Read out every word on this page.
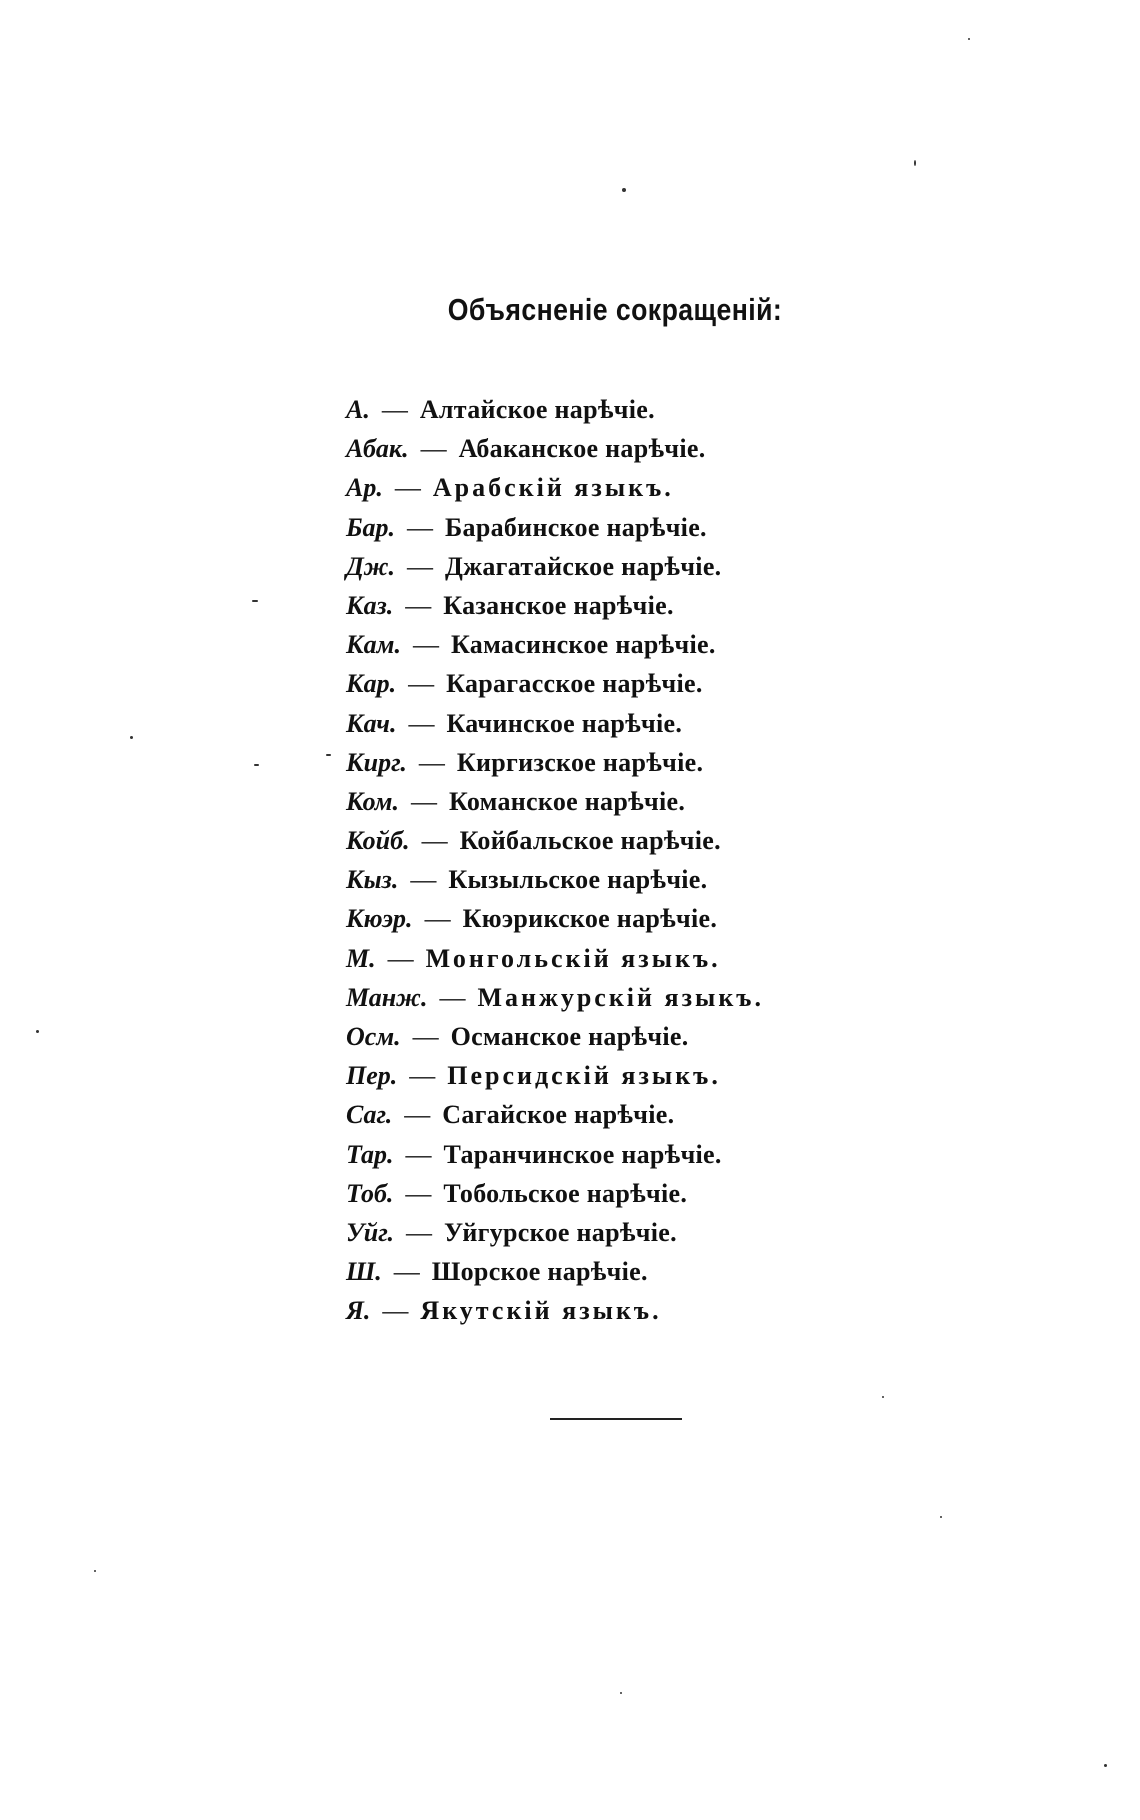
Объясненіе сокращеній:
А. — Алтайское нарѣчіе.
Абак. — Абаканское нарѣчіе.
Ар. — Арабскій языкъ.
Бар. — Барабинское нарѣчіе.
Дж. — Джагатайское нарѣчіе.
Каз. — Казанское нарѣчіе.
Кам. — Камасинское нарѣчіе.
Кар. — Карагасское нарѣчіе.
Кач. — Качинское нарѣчіе.
Кирг. — Киргизское нарѣчіе.
Ком. — Команское нарѣчіе.
Койб. — Койбальское нарѣчіе.
Кыз. — Кызыльское нарѣчіе.
Кюэр. — Кюэрикское нарѣчіе.
М. — Монгольскій языкъ.
Манж. — Манжурскій языкъ.
Осм. — Османское нарѣчіе.
Пер. — Персидскій языкъ.
Саг. — Сагайское нарѣчіе.
Тар. — Таранчинское нарѣчіе.
Тоб. — Тобольское нарѣчіе.
Уйг. — Уйгурское нарѣчіе.
Ш. — Шорское нарѣчіе.
Я. — Якутскій языкъ.
